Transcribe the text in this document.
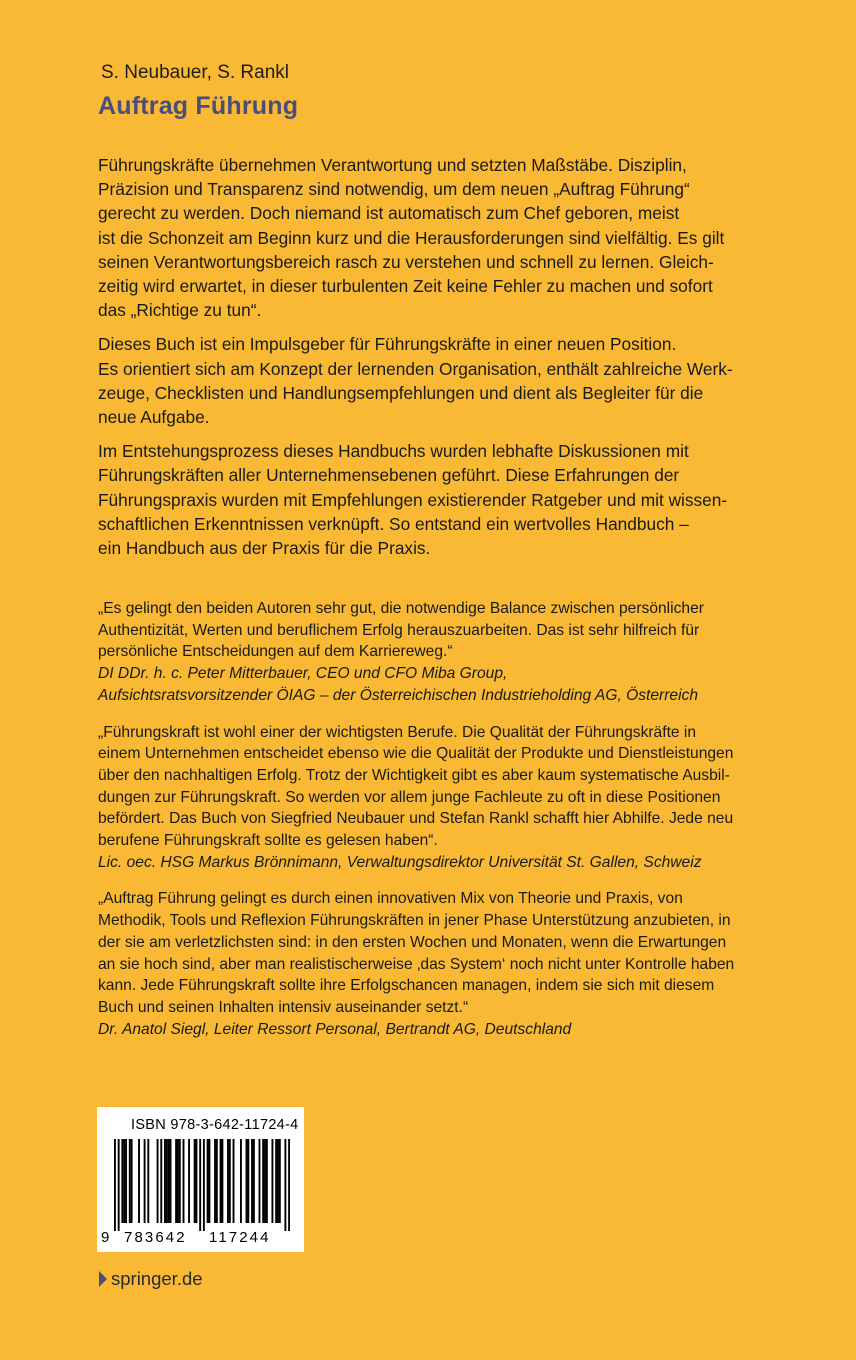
S. Neubauer, S. Rankl
Auftrag Führung

Führungskräfte übernehmen Verantwortung und setzten Maßstäbe. Disziplin,
Präzision und Transparenz sind notwendig, um dem neuen „Auftrag Führung“
gerecht zu werden. Doch niemand ist automatisch zum Chef geboren, meist
ist die Schonzeit am Beginn kurz und die Herausforderungen sind vielfältig. Es gilt
seinen Verantwortungsbereich rasch zu verstehen und schnell zu lernen. Gleich-
zeitig wird erwartet, in dieser turbulenten Zeit keine Fehler zu machen und sofort
das „Richtige zu tun“.

Dieses Buch ist ein Impulsgeber für Führungskräfte in einer neuen Position.
Es orientiert sich am Konzept der lernenden Organisation, enthält zahlreiche Werk-
zeuge, Checklisten und Handlungsempfehlungen und dient als Begleiter für die
neue Aufgabe.

Im Entstehungsprozess dieses Handbuchs wurden lebhafte Diskussionen mit
Führungskräften aller Unternehmensebenen geführt. Diese Erfahrungen der
Führungspraxis wurden mit Empfehlungen existierender Ratgeber und mit wissen-
schaftlichen Erkenntnissen verknüpft. So entstand ein wertvolles Handbuch –
ein Handbuch aus der Praxis für die Praxis.

„Es gelingt den beiden Autoren sehr gut, die notwendige Balance zwischen persönlicher
Authentizität, Werten und beruflichem Erfolg herauszuarbeiten. Das ist sehr hilfreich für
persönliche Entscheidungen auf dem Karriereweg.“

DI DDr. h. c. Peter Mitterbauer, CEO und CFO Miba Group,
Aufsichtsratsvorsitzender ÖIAG – der Österreichischen Industrieholding AG, Österreich

„Führungskraft ist wohl einer der wichtigsten Berufe. Die Qualität der Führungskräfte in
einem Unternehmen entscheidet ebenso wie die Qualität der Produkte und Dienstleistungen
über den nachhaltigen Erfolg. Trotz der Wichtigkeit gibt es aber kaum systematische Ausbil-
dungen zur Führungskraft. So werden vor allem junge Fachleute zu oft in diese Positionen
befördert. Das Buch von Siegfried Neubauer und Stefan Rankl schafft hier Abhilfe. Jede neu
berufene Führungskraft sollte es gelesen haben“.

Lic. oec. HSG Markus Brönnimann, Verwaltungsdirektor Universität St. Gallen, Schweiz

„Auftrag Führung gelingt es durch einen innovativen Mix von Theorie und Praxis, von
Methodik, Tools und Reflexion Führungskräften in jener Phase Unterstützung anzubieten, in
der sie am verletzlichsten sind: in den ersten Wochen und Monaten, wenn die Erwartungen
an sie hoch sind, aber man realistischerweise ‚das System‘ noch nicht unter Kontrolle haben
kann. Jede Führungskraft sollte ihre Erfolgschancen managen, indem sie sich mit diesem
Buch und seinen Inhalten intensiv auseinander setzt.“

Dr. Anatol Siegl, Leiter Ressort Personal, Bertrandt AG, Deutschland

ISBN 978-3-642-11724-4
9 783642 117244
springer.de
